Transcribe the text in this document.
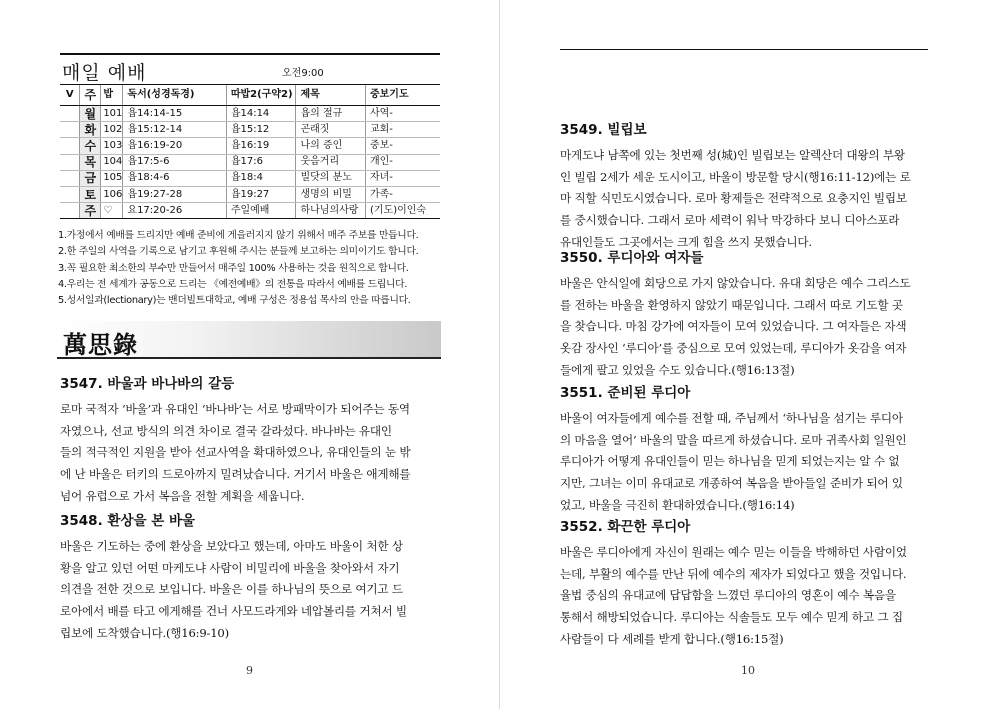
매일 예배	오전9:00
V	주	밥	독서(성경독경)	따밥2(구약2)	제목	중보기도
	월	101	욥14:14-15	욥14:14	욥의 절규	사역-
	화	102	욥15:12-14	욥15:12	곤래짓	교회-
	수	103	욥16:19-20	욥16:19	나의 증인	중보-
	목	104	욥17:5-6	욥17:6	웃음거리	개인-
	금	105	욥18:4-6	욥18:4	빌닷의 분노	자녀-
	토	106	욥19:27-28	욥19:27	생명의 비밀	가족-
	주	♡	요17:20-26	주일예배	하나님의사랑	(기도)이인숙
1.가정에서 예배를 드리지만 예배 준비에 게을러지지 않기 위해서 매주 주보를 만듭니다.
2.한 주일의 사역을 기록으로 남기고 후원해 주시는 분들께 보고하는 의미이기도 합니다.
3.꼭 필요한 최소한의 부수만 만들어서 매주일 100% 사용하는 것을 원칙으로 합니다.
4.우리는 전 세계가 공동으로 드리는 《예전예배》의 전통을 따라서 예배를 드립니다.
5.성서일과(lectionary)는 밴더빌트대학교, 예배 구성은 정용섭 목사의 안을 따릅니다.
萬思錄
3547. 바울과 바나바의 갈등
로마 국적자 ‘바울’과 유대인 ‘바나바’는 서로 방패막이가 되어주는 동역
자였으나, 선교 방식의 의견 차이로 결국 갈라섰다. 바나바는 유대인
들의 적극적인 지원을 받아 선교사역을 확대하였으나, 유대인들의 눈 밖
에 난 바울은 터키의 드로아까지 밀려났습니다. 거기서 바울은 애게해를
넘어 유럽으로 가서 복음을 전할 계획을 세웁니다.
3548. 환상을 본 바울
바울은 기도하는 중에 환상을 보았다고 했는데, 아마도 바울이 처한 상
황을 알고 있던 어떤 마케도냐 사람이 비밀리에 바울을 찾아와서 자기
의견을 전한 것으로 보입니다. 바울은 이를 하나님의 뜻으로 여기고 드
로아에서 배를 타고 에게해를 건너 사모드라게와 네압볼리를 거쳐서 빌
립보에 도착했습니다.(행16:9-10)
9
3549. 빌립보
마게도냐 남쪽에 있는 첫번째 성(城)인 빌립보는 알렉산더 대왕의 부왕
인 빌립 2세가 세운 도시이고, 바울이 방문할 당시(행16:11-12)에는 로
마 직할 식민도시였습니다. 로마 황제들은 전략적으로 요충지인 빌립보
를 중시했습니다. 그래서 로마 세력이 워낙 막강하다 보니 디아스포라
유대인들도 그곳에서는 크게 힘을 쓰지 못했습니다.
3550. 루디아와 여자들
바울은 안식일에 회당으로 가지 않았습니다. 유대 회당은 예수 그리스도
를 전하는 바울을 환영하지 않았기 때문입니다. 그래서 따로 기도할 곳
을 찾습니다. 마침 강가에 여자들이 모여 있었습니다. 그 여자들은 자색
옷감 장사인 ‘루디아’를 중심으로 모여 있었는데, 루디아가 옷감을 여자
들에게 팔고 있었을 수도 있습니다.(행16:13절)
3551. 준비된 루디아
바울이 여자들에게 예수를 전할 때, 주님께서 ‘하나님을 섬기는 루디아
의 마음을 열어’ 바울의 말을 따르게 하셨습니다. 로마 귀족사회 일원인
루디아가 어떻게 유대인들이 믿는 하나님을 믿게 되었는지는 알 수 없
지만, 그녀는 이미 유대교로 개종하여 복음을 받아들일 준비가 되어 있
었고, 바울을 극진히 환대하였습니다.(행16:14)
3552. 화끈한 루디아
바울은 루디아에게 자신이 원래는 예수 믿는 이들을 박해하던 사람이었
는데, 부활의 예수를 만난 뒤에 예수의 제자가 되었다고 했을 것입니다.
율법 중심의 유대교에 답답함을 느꼈던 루디아의 영혼이 예수 복음을
통해서 해방되었습니다. 루디아는 식솔들도 모두 예수 믿게 하고 그 집
사람들이 다 세례를 받게 합니다.(행16:15절)
10
